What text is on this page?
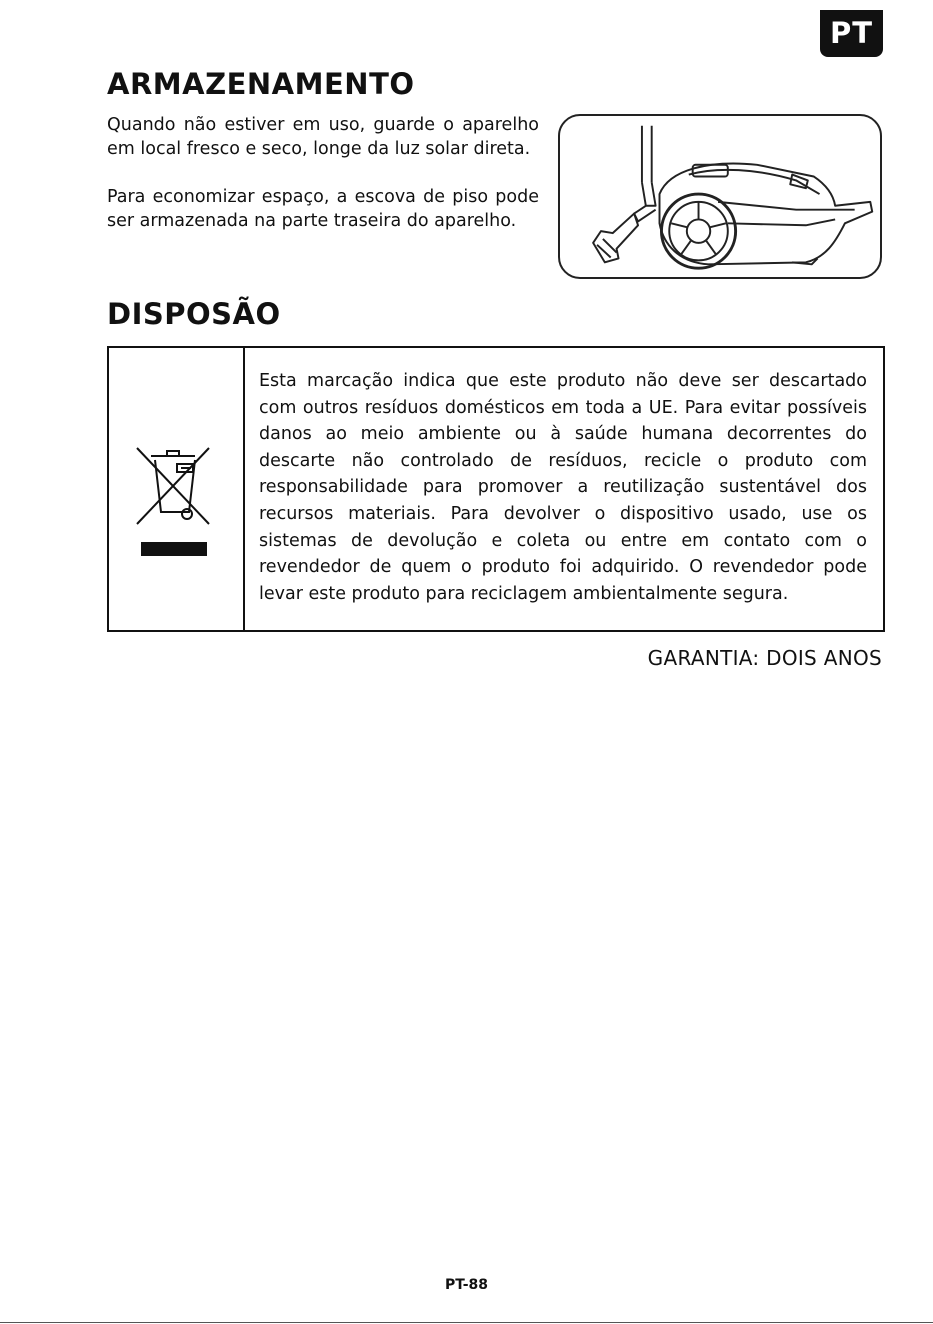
PT
ARMAZENAMENTO

Quando não estiver em uso, guarde o aparelho em local fresco e seco, longe da luz solar direta.

Para economizar espaço, a escova de piso pode ser armazenada na parte traseira do aparelho.

DISPOSÃO
Esta marcação indica que este produto não deve ser descartado com outros resíduos domésticos em toda a UE. Para evitar possíveis danos ao meio ambiente ou à saúde humana decorrentes do descarte não controlado de resíduos, recicle o produto com responsabilidade para promover a reutilização sustentável dos recursos materiais. Para devolver o dispositivo usado, use os sistemas de devolução e coleta ou entre em contato com o revendedor de quem o produto foi adquirido. O revendedor pode levar este produto para reciclagem ambientalmente segura.
GARANTIA: DOIS ANOS
PT-88
